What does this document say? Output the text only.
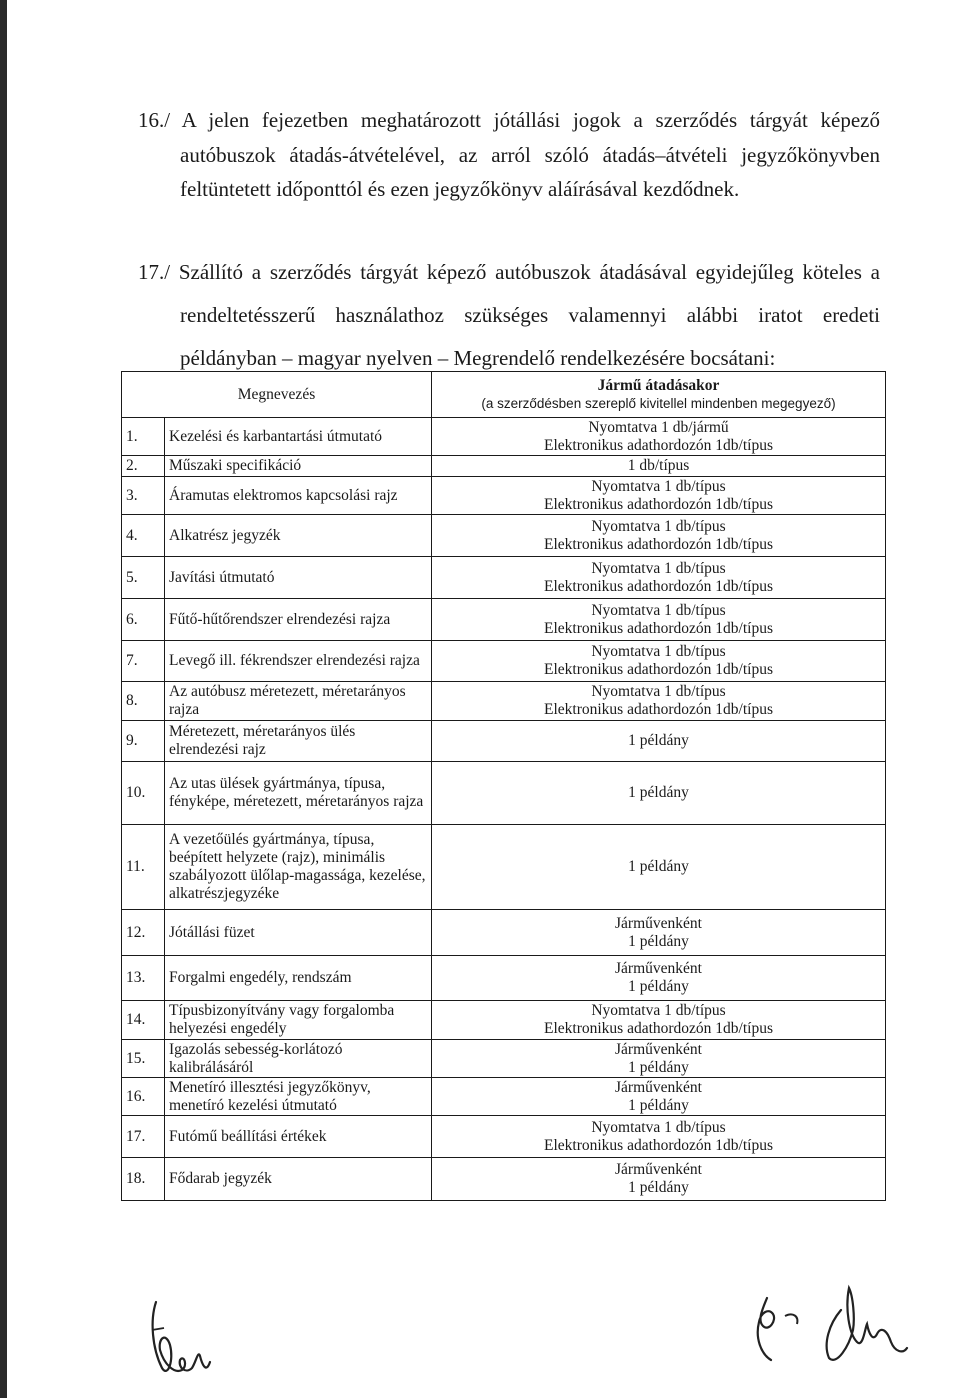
16./ A jelen fejezetben meghatározott jótállási jogok a szerződés tárgyát képező
autóbuszok átadás-átvételével, az arról szóló átadás–átvételi jegyzőkönyvben
feltüntetett időponttól és ezen jegyzőkönyv aláírásával kezdődnek.
17./ Szállító a szerződés tárgyát képező autóbuszok átadásával egyidejűleg köteles a
rendeltetésszerű használathoz szükséges valamennyi alábbi iratot eredeti
példányban – magyar nyelven – Megrendelő rendelkezésére bocsátani:
Megnevezés		Jármű átadásakor
(a szerződésben szereplő kivitellel mindenben megegyező)

1.	Kezelési és karbantartási útmutató	Nyomtatva 1 db/jármű
Elektronikus adathordozón 1db/típus

2.	Műszaki specifikáció	1 db/típus

3.	Áramutas elektromos kapcsolási rajz	Nyomtatva 1 db/típus
Elektronikus adathordozón 1db/típus

4.	Alkatrész jegyzék	Nyomtatva 1 db/típus
Elektronikus adathordozón 1db/típus

5.	Javítási útmutató	Nyomtatva 1 db/típus
Elektronikus adathordozón 1db/típus

6.	Fűtő-hűtőrendszer elrendezési rajza	Nyomtatva 1 db/típus
Elektronikus adathordozón 1db/típus

7.	Levegő ill. fékrendszer elrendezési rajza	Nyomtatva 1 db/típus
Elektronikus adathordozón 1db/típus

8.	Az autóbusz méretezett, méretarányos rajza	Nyomtatva 1 db/típus
Elektronikus adathordozón 1db/típus

9.	Méretezett, méretarányos ülés elrendezési rajz	1 példány

10.	Az utas ülések gyártmánya, típusa, fényképe, méretezett, méretarányos rajza	1 példány

11.	A vezetőülés gyártmánya, típusa, beépített helyzete (rajz), minimális szabályozott ülőlap-magassága, kezelése, alkatrészjegyzéke	1 példány

12.	Jótállási füzet	Járművenként
1 példány

13.	Forgalmi engedély, rendszám	Járművenként
1 példány

14.	Típusbizonyítvány vagy forgalomba helyezési engedély	Nyomtatva 1 db/típus
Elektronikus adathordozón 1db/típus

15.	Igazolás sebesség-korlátozó kalibrálásáról	Járművenként
1 példány

16.	Menetíró illesztési jegyzőkönyv, menetíró kezelési útmutató	Járművenként
1 példány

17.	Futómű beállítási értékek	Nyomtatva 1 db/típus
Elektronikus adathordozón 1db/típus

18.	Fődarab jegyzék	Járművenként
1 példány
